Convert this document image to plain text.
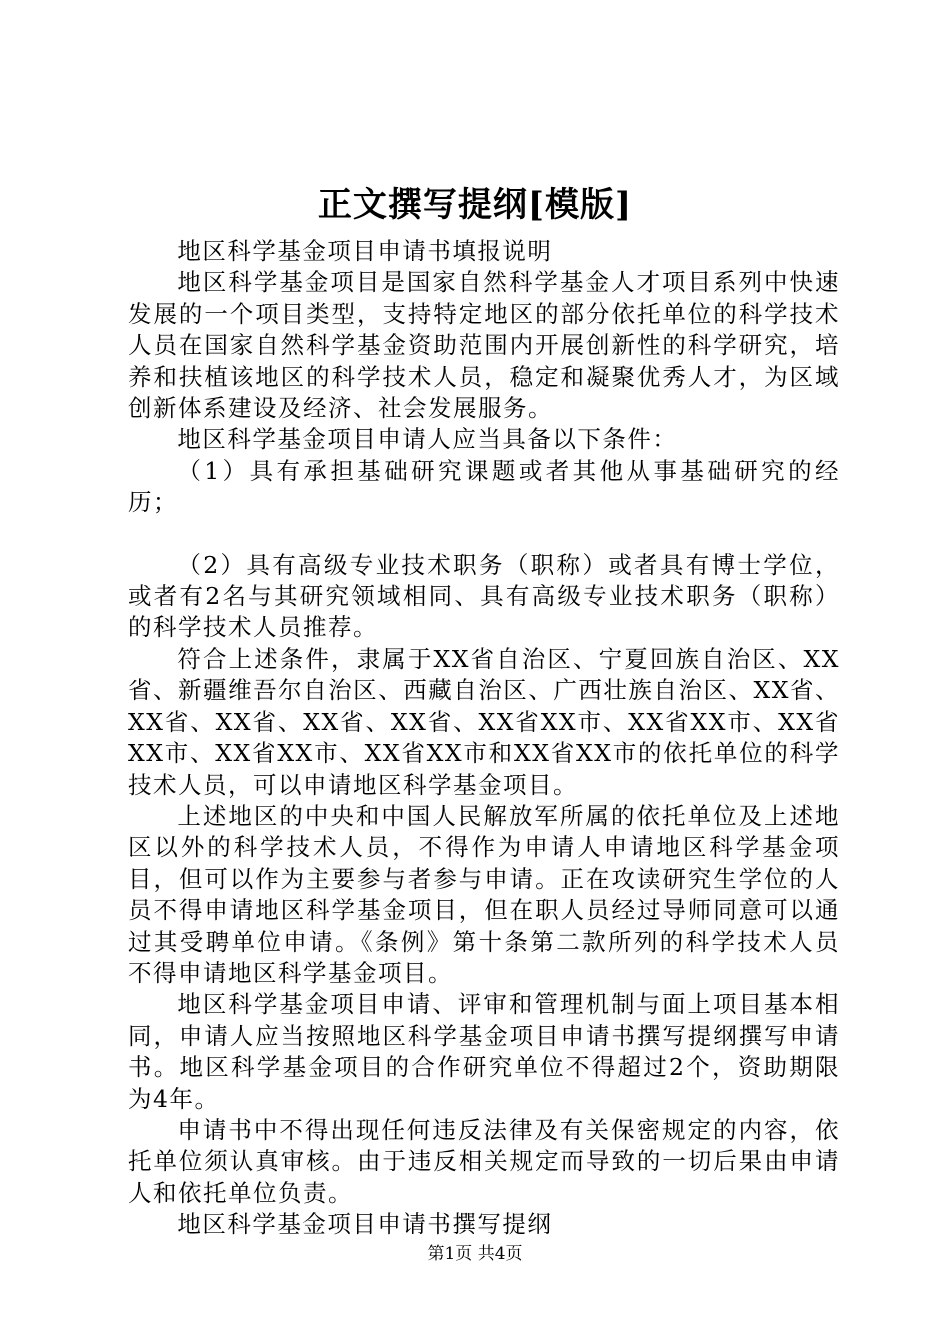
正文撰写提纲[模版]

地区科学基金项目申请书填报说明

地区科学基金项目是国家自然科学基金人才项目系列中快速发展的一个项目类型，支持特定地区的部分依托单位的科学技术人员在国家自然科学基金资助范围内开展创新性的科学研究，培养和扶植该地区的科学技术人员，稳定和凝聚优秀人才，为区域创新体系建设及经济、社会发展服务。

地区科学基金项目申请人应当具备以下条件：

（1）具有承担基础研究课题或者其他从事基础研究的经历；

（2）具有高级专业技术职务（职称）或者具有博士学位，或者有2名与其研究领域相同、具有高级专业技术职务（职称）的科学技术人员推荐。

符合上述条件，隶属于XX省自治区、宁夏回族自治区、XX省、新疆维吾尔自治区、西藏自治区、广西壮族自治区、XX省、XX省、XX省、XX省、XX省、XX省XX市、XX省XX市、XX省XX市、XX省XX市、XX省XX市和XX省XX市的依托单位的科学技术人员，可以申请地区科学基金项目。

上述地区的中央和中国人民解放军所属的依托单位及上述地区以外的科学技术人员，不得作为申请人申请地区科学基金项目，但可以作为主要参与者参与申请。正在攻读研究生学位的人员不得申请地区科学基金项目，但在职人员经过导师同意可以通过其受聘单位申请。《条例》第十条第二款所列的科学技术人员不得申请地区科学基金项目。

地区科学基金项目申请、评审和管理机制与面上项目基本相同，申请人应当按照地区科学基金项目申请书撰写提纲撰写申请书。地区科学基金项目的合作研究单位不得超过2个，资助期限为4年。

申请书中不得出现任何违反法律及有关保密规定的内容，依托单位须认真审核。由于违反相关规定而导致的一切后果由申请人和依托单位负责。

地区科学基金项目申请书撰写提纲

第1页 共4页
